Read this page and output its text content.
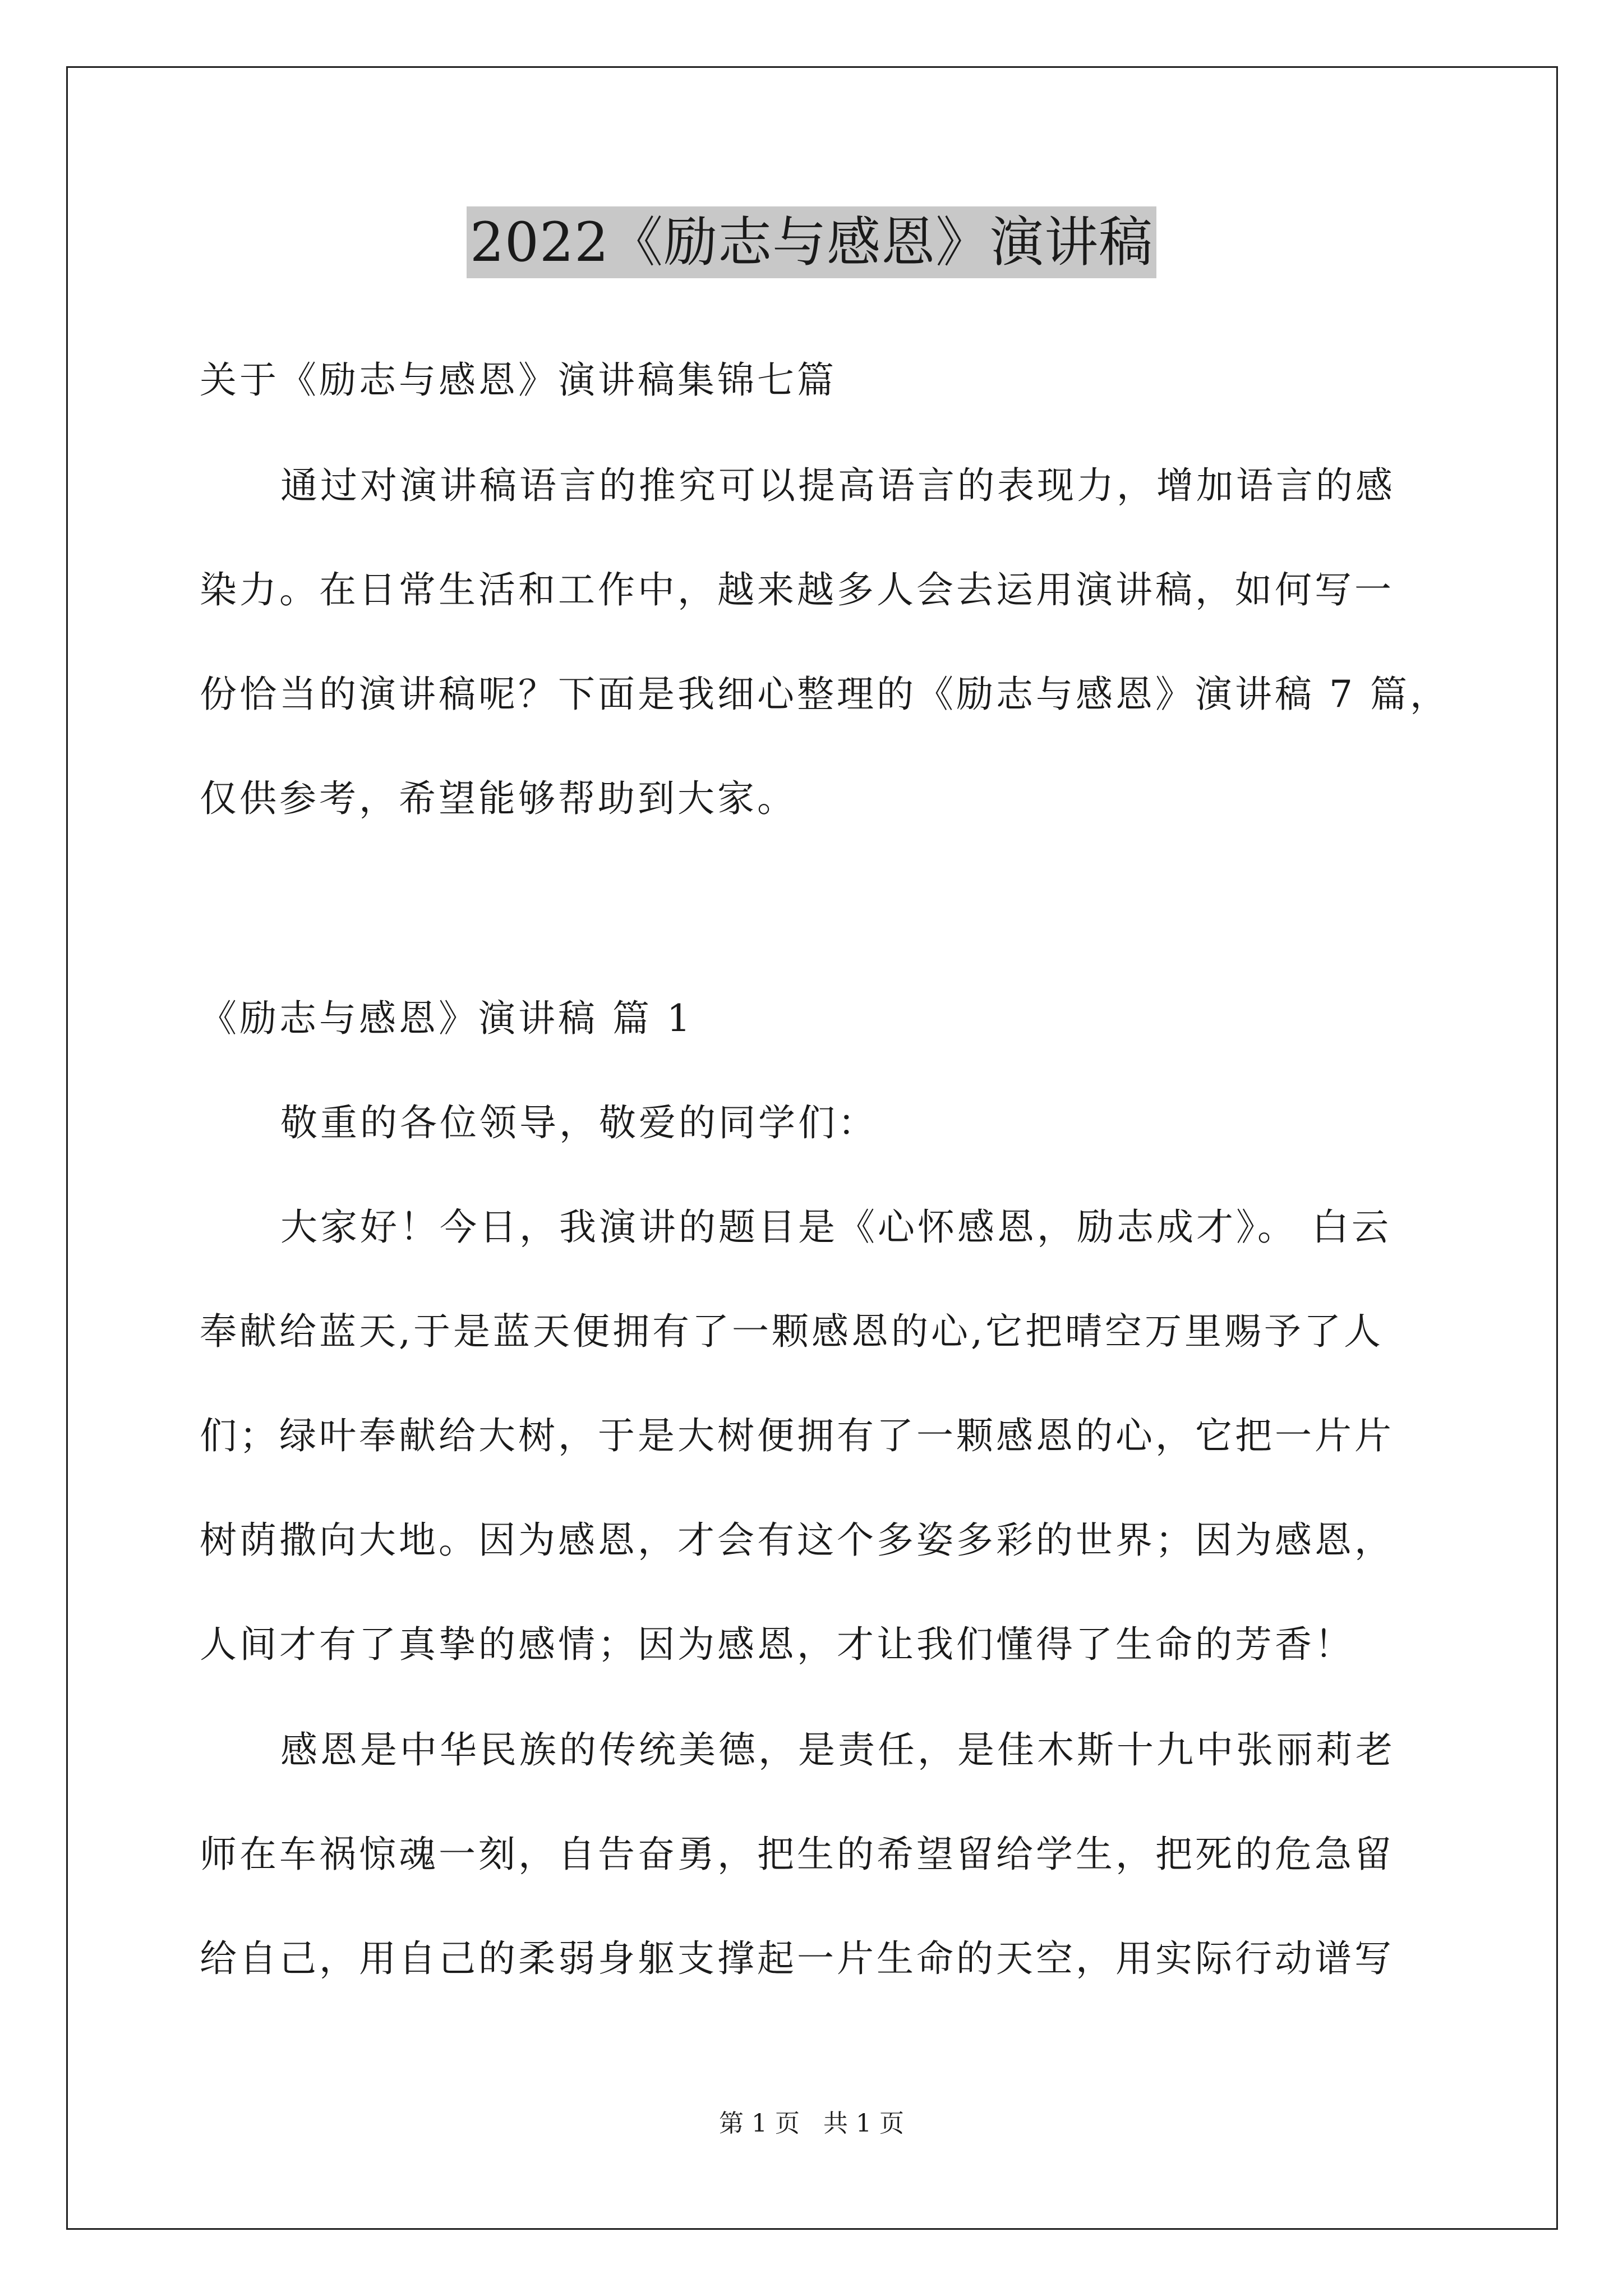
2022《励志与感恩》演讲稿
关于《励志与感恩》演讲稿集锦七篇
通过对演讲稿语言的推究可以提高语言的表现力，增加语言的感
染力。在日常生活和工作中，越来越多人会去运用演讲稿，如何写一
份恰当的演讲稿呢？下面是我细心整理的《励志与感恩》演讲稿 7 篇，
仅供参考，希望能够帮助到大家。
《励志与感恩》演讲稿 篇 1
敬重的各位领导，敬爱的同学们：
大家好！今日，我演讲的题目是《心怀感恩，励志成才》。 白云
奉献给蓝天,于是蓝天便拥有了一颗感恩的心,它把晴空万里赐予了人
们；绿叶奉献给大树，于是大树便拥有了一颗感恩的心，它把一片片
树荫撒向大地。因为感恩，才会有这个多姿多彩的世界；因为感恩，
人间才有了真挚的感情；因为感恩，才让我们懂得了生命的芳香！
感恩是中华民族的传统美德，是责任，是佳木斯十九中张丽莉老
师在车祸惊魂一刻，自告奋勇，把生的希望留给学生，把死的危急留
给自己，用自己的柔弱身躯支撑起一片生命的天空，用实际行动谱写
第 1 页   共 1 页
